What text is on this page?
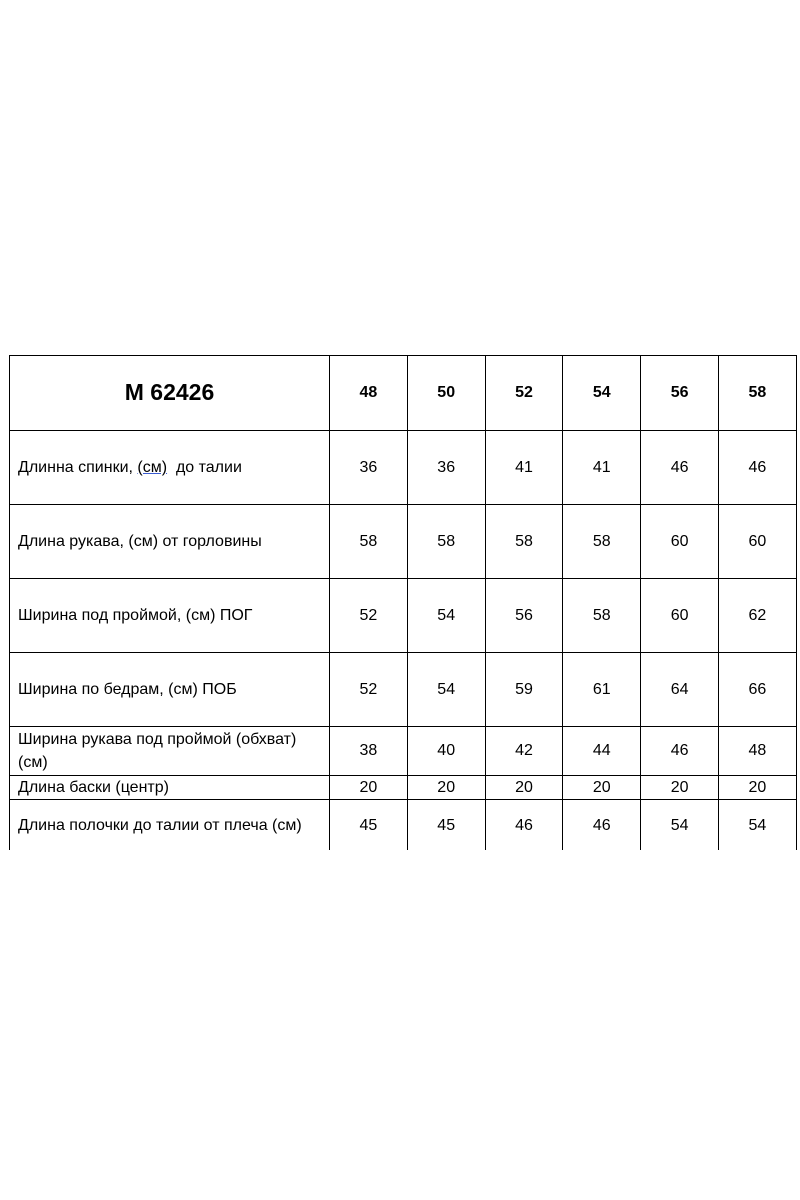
М 62426	48	50	52	54	56	58
Длинна спинки, (см)  до талии	36	36	41	41	46	46
Длина рукава, (см) от горловины	58	58	58	58	60	60
Ширина под проймой, (см) ПОГ	52	54	56	58	60	62
Ширина по бедрам, (см) ПОБ	52	54	59	61	64	66
Ширина рукава под проймой (обхват) (см)	38	40	42	44	46	48
Длина баски (центр)	20	20	20	20	20	20
Длина полочки до талии от плеча (см)	45	45	46	46	54	54
